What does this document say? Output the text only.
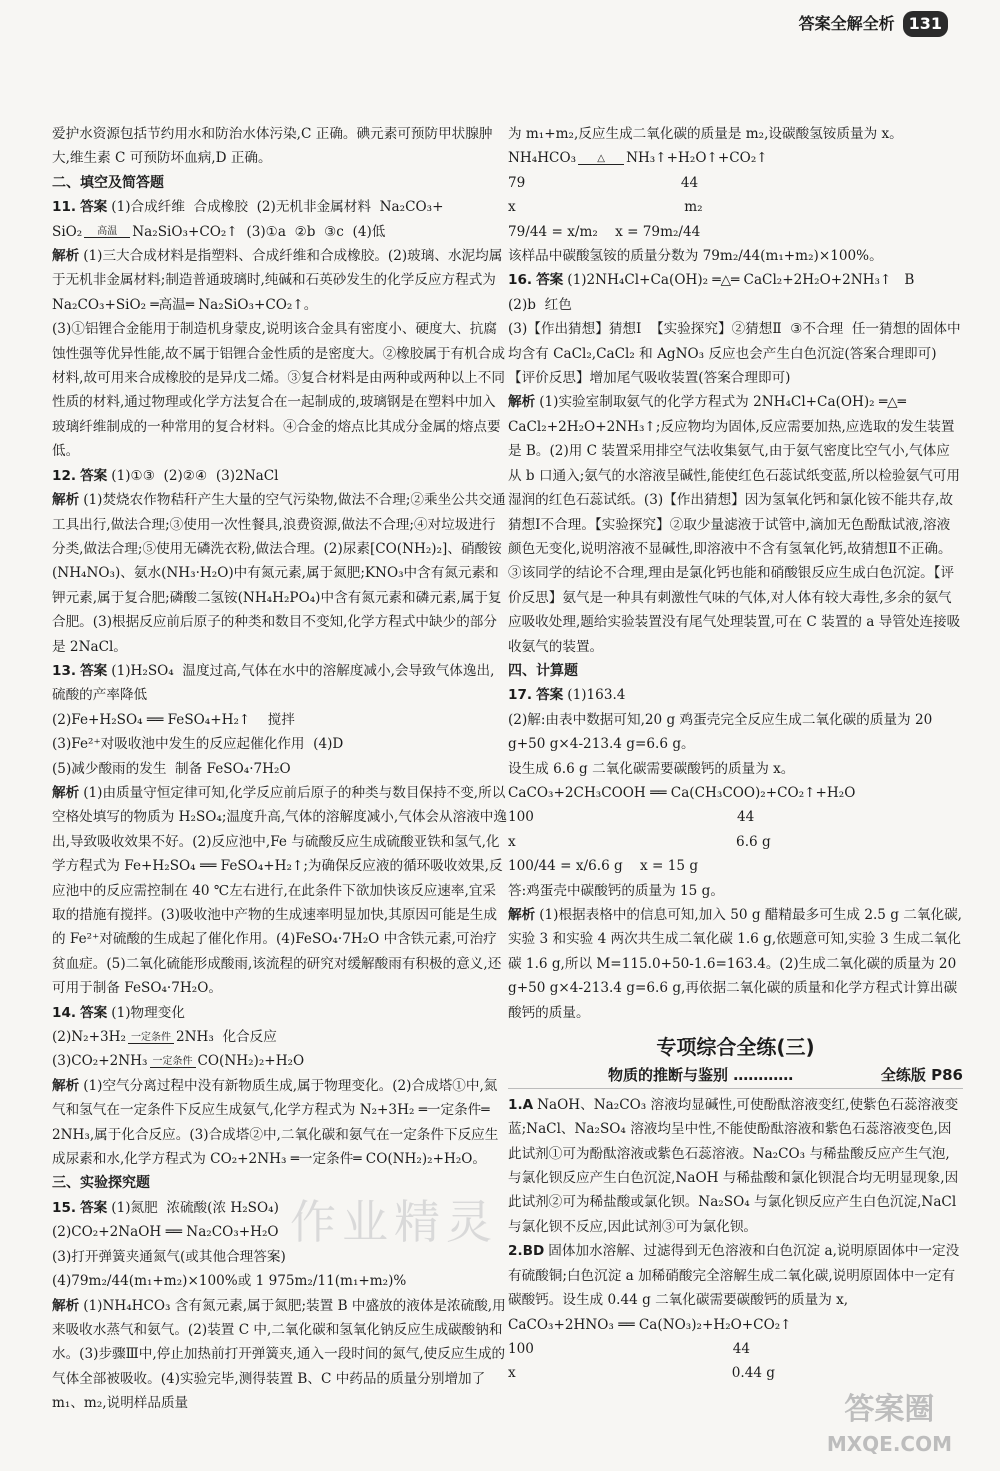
答案全解全析 131

爱护水资源包括节约用水和防治水体污染,C 正确。碘元素可预防甲状腺肿大,维生素 C 可预防坏血病,D 正确。

二、填空及简答题

11. 答案 (1)合成纤维  合成橡胶  (2)无机非金属材料  Na₂CO₃+

SiO₂	高温	Na₂SiO₃+CO₂↑  (3)①a  ②b  ③c  (4)低

解析 (1)三大合成材料是指塑料、合成纤维和合成橡胶。(2)玻璃、水泥均属于无机非金属材料;制造普通玻璃时,纯碱和石英砂发生的化学反应方程式为 Na₂CO₃+SiO₂ ═高温═ Na₂SiO₃+CO₂↑。

(3)①铝锂合金能用于制造机身蒙皮,说明该合金具有密度小、硬度大、抗腐蚀性强等优异性能,故不属于铝锂合金性质的是密度大。②橡胶属于有机合成材料,故可用来合成橡胶的是异戊二烯。③复合材料是由两种或两种以上不同性质的材料,通过物理或化学方法复合在一起制成的,玻璃钢是在塑料中加入玻璃纤维制成的一种常用的复合材料。④合金的熔点比其成分金属的熔点要低。

12. 答案 (1)①③  (2)②④  (3)2NaCl

解析 (1)焚烧农作物秸秆产生大量的空气污染物,做法不合理;②乘坐公共交通工具出行,做法合理;③使用一次性餐具,浪费资源,做法不合理;④对垃圾进行分类,做法合理;⑤使用无磷洗衣粉,做法合理。(2)尿素[CO(NH₂)₂]、硝酸铵(NH₄NO₃)、氨水(NH₃·H₂O)中有氮元素,属于氮肥;KNO₃中含有氮元素和钾元素,属于复合肥;磷酸二氢铵(NH₄H₂PO₄)中含有氮元素和磷元素,属于复合肥。(3)根据反应前后原子的种类和数目不变知,化学方程式中缺少的部分是 2NaCl。

13. 答案 (1)H₂SO₄  温度过高,气体在水中的溶解度减小,会导致气体逸出,硫酸的产率降低

(2)Fe+H₂SO₄ ══ FeSO₄+H₂↑    搅拌

(3)Fe²⁺对吸收池中发生的反应起催化作用  (4)D

(5)减少酸雨的发生  制备 FeSO₄·7H₂O

解析 (1)由质量守恒定律可知,化学反应前后原子的种类与数目保持不变,所以空格处填写的物质为 H₂SO₄;温度升高,气体的溶解度减小,气体会从溶液中逸出,导致吸收效果不好。(2)反应池中,Fe 与硫酸反应生成硫酸亚铁和氢气,化学方程式为 Fe+H₂SO₄ ══ FeSO₄+H₂↑;为确保反应液的循环吸收效果,反应池中的反应需控制在 40 ℃左右进行,在此条件下欲加快该反应速率,宜采取的措施有搅拌。(3)吸收池中产物的生成速率明显加快,其原因可能是生成的 Fe²⁺对硫酸的生成起了催化作用。(4)FeSO₄·7H₂O 中含铁元素,可治疗贫血症。(5)二氧化硫能形成酸雨,该流程的研究对缓解酸雨有积极的意义,还可用于制备 FeSO₄·7H₂O。

14. 答案 (1)物理变化

(2)N₂+3H₂ 一定条件 2NH₃  化合反应

(3)CO₂+2NH₃ 一定条件 CO(NH₂)₂+H₂O

解析 (1)空气分离过程中没有新物质生成,属于物理变化。(2)合成塔①中,氮气和氢气在一定条件下反应生成氨气,化学方程式为 N₂+3H₂ ═一定条件═ 2NH₃,属于化合反应。(3)合成塔②中,二氧化碳和氨气在一定条件下反应生成尿素和水,化学方程式为 CO₂+2NH₃ ═一定条件═ CO(NH₂)₂+H₂O。

三、实验探究题

15. 答案 (1)氮肥  浓硫酸(浓 H₂SO₄)

(2)CO₂+2NaOH ══ Na₂CO₃+H₂O

(3)打开弹簧夹通氮气(或其他合理答案)

(4)79m₂/44(m₁+m₂)×100%或 1 975m₂/11(m₁+m₂)%

解析 (1)NH₄HCO₃ 含有氮元素,属于氮肥;装置 B 中盛放的液体是浓硫酸,用来吸收水蒸气和氨气。(2)装置 C 中,二氧化碳和氢氧化钠反应生成碳酸钠和水。(3)步骤Ⅲ中,停止加热前打开弹簧夹,通入一段时间的氮气,使反应生成的气体全部被吸收。(4)实验完毕,测得装置 B、C 中药品的质量分别增加了 m₁、m₂,说明样品质量

为 m₁+m₂,反应生成二氧化碳的质量是 m₂,设碳酸氢铵质量为 x。

NH₄HCO₃	△	NH₃↑+H₂O↑+CO₂↑

79                                    44

x                                       m₂

79/44 = x/m₂    x = 79m₂/44

该样品中碳酸氢铵的质量分数为 79m₂/44(m₁+m₂)×100%。

16. 答案 (1)2NH₄Cl+Ca(OH)₂ ═△═ CaCl₂+2H₂O+2NH₃↑   B

(2)b  红色

(3)【作出猜想】猜想Ⅰ  【实验探究】②猜想Ⅱ  ③不合理  任一猜想的固体中均含有 CaCl₂,CaCl₂ 和 AgNO₃ 反应也会产生白色沉淀(答案合理即可)  【评价反思】增加尾气吸收装置(答案合理即可)

解析 (1)实验室制取氨气的化学方程式为 2NH₄Cl+Ca(OH)₂ ═△═ CaCl₂+2H₂O+2NH₃↑;反应物均为固体,反应需要加热,应选取的发生装置是 B。(2)用 C 装置采用排空气法收集氨气,由于氨气密度比空气小,气体应从 b 口通入;氨气的水溶液呈碱性,能使红色石蕊试纸变蓝,所以检验氨气可用湿润的红色石蕊试纸。(3)【作出猜想】因为氢氧化钙和氯化铵不能共存,故猜想Ⅰ不合理。【实验探究】②取少量滤液于试管中,滴加无色酚酞试液,溶液颜色无变化,说明溶液不显碱性,即溶液中不含有氢氧化钙,故猜想Ⅱ不正确。③该同学的结论不合理,理由是氯化钙也能和硝酸银反应生成白色沉淀。【评价反思】氨气是一种具有刺激性气味的气体,对人体有较大毒性,多余的氨气应吸收处理,题给实验装置没有尾气处理装置,可在 C 装置的 a 导管处连接吸收氨气的装置。

四、计算题

17. 答案 (1)163.4

(2)解:由表中数据可知,20 g 鸡蛋壳完全反应生成二氧化碳的质量为 20 g+50 g×4-213.4 g=6.6 g。

设生成 6.6 g 二氧化碳需要碳酸钙的质量为 x。

CaCO₃+2CH₃COOH ══ Ca(CH₃COO)₂+CO₂↑+H₂O

100                                               44

x                                                   6.6 g

100/44 = x/6.6 g    x = 15 g

答:鸡蛋壳中碳酸钙的质量为 15 g。

解析 (1)根据表格中的信息可知,加入 50 g 醋精最多可生成 2.5 g 二氧化碳,实验 3 和实验 4 两次共生成二氧化碳 1.6 g,依题意可知,实验 3 生成二氧化碳 1.6 g,所以 M=115.0+50-1.6=163.4。(2)生成二氧化碳的质量为 20 g+50 g×4-213.4 g=6.6 g,再依据二氧化碳的质量和化学方程式计算出碳酸钙的质量。

专项综合全练(三)
物质的推断与鉴别 …………	全练版 P86

1.A NaOH、Na₂CO₃ 溶液均显碱性,可使酚酞溶液变红,使紫色石蕊溶液变蓝;NaCl、Na₂SO₄ 溶液均呈中性,不能使酚酞溶液和紫色石蕊溶液变色,因此试剂①可为酚酞溶液或紫色石蕊溶液。Na₂CO₃ 与稀盐酸反应产生气泡,与氯化钡反应产生白色沉淀,NaOH 与稀盐酸和氯化钡混合均无明显现象,因此试剂②可为稀盐酸或氯化钡。Na₂SO₄ 与氯化钡反应产生白色沉淀,NaCl 与氯化钡不反应,因此试剂③可为氯化钡。

2.BD 固体加水溶解、过滤得到无色溶液和白色沉淀 a,说明原固体中一定没有硫酸铜;白色沉淀 a 加稀硝酸完全溶解生成二氧化碳,说明原固体中一定有碳酸钙。设生成 0.44 g 二氧化碳需要碳酸钙的质量为 x,

CaCO₃+2HNO₃ ══ Ca(NO₃)₂+H₂O+CO₂↑

100                                              44

x                                                  0.44 g

作业精灵
答案圈
MXQE.COM
